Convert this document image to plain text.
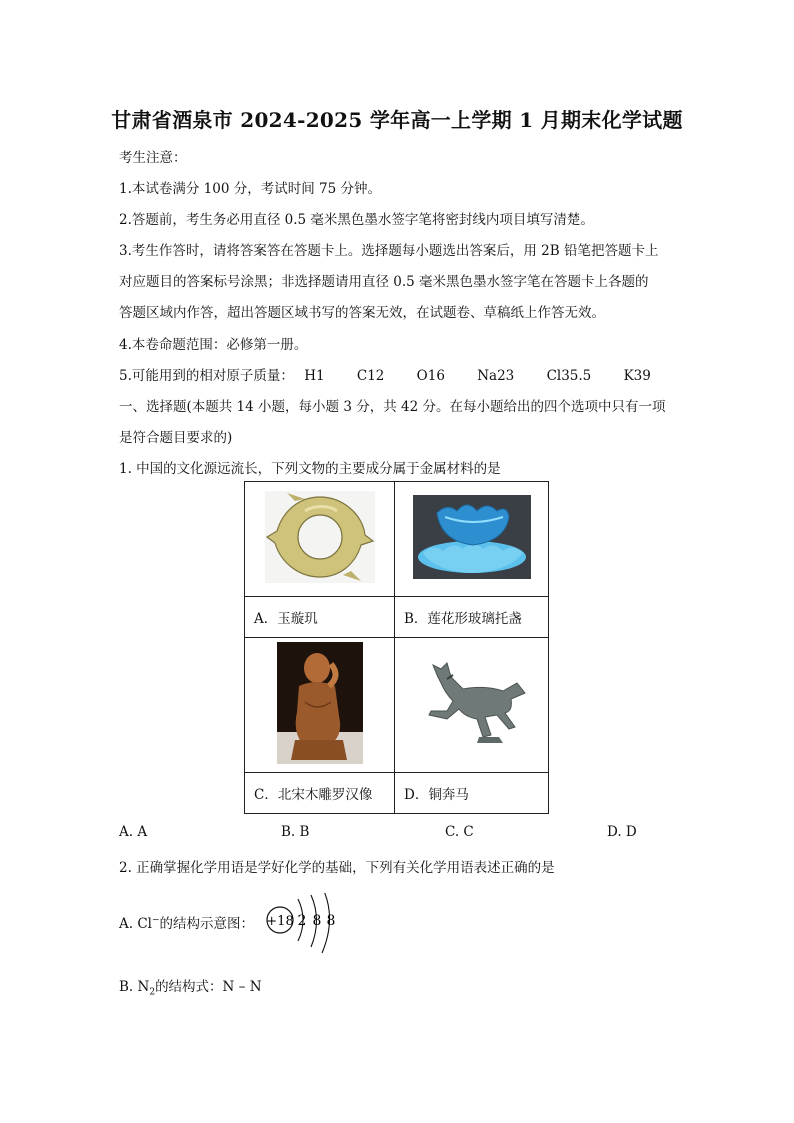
甘肃省酒泉市 2024-2025 学年高一上学期 1 月期末化学试题
考生注意：
1.本试卷满分 100 分，考试时间 75 分钟。
2.答题前，考生务必用直径 0.5 毫米黑色墨水签字笔将密封线内项目填写清楚。
3.考生作答时，请将答案答在答题卡上。选择题每小题选出答案后，用 2B 铅笔把答题卡上
对应题目的答案标号涂黑；非选择题请用直径 0.5 毫米黑色墨水签字笔在答题卡上各题的
答题区域内作答，超出答题区域书写的答案无效，在试题卷、草稿纸上作答无效。
4.本卷命题范围：必修第一册。
5.可能用到的相对原子质量： H1 C12 O16 Na23 Cl35.5 K39
一、选择题(本题共 14 小题，每小题 3 分，共 42 分。在每小题给出的四个选项中只有一项
是符合题目要求的)
1. 中国的文化源远流长，下列文物的主要成分属于金属材料的是

A．玉璇玑	B．莲花形玻璃托盏

C．北宋木雕罗汉像	D．铜奔马
A. A	B. B	C. C	D. D
2. 正确掌握化学用语是学好化学的基础，下列有关化学用语表述正确的是
A. Cl−的结构示意图： +18 2 8 8
B. $N_2$的结构式：N – N
